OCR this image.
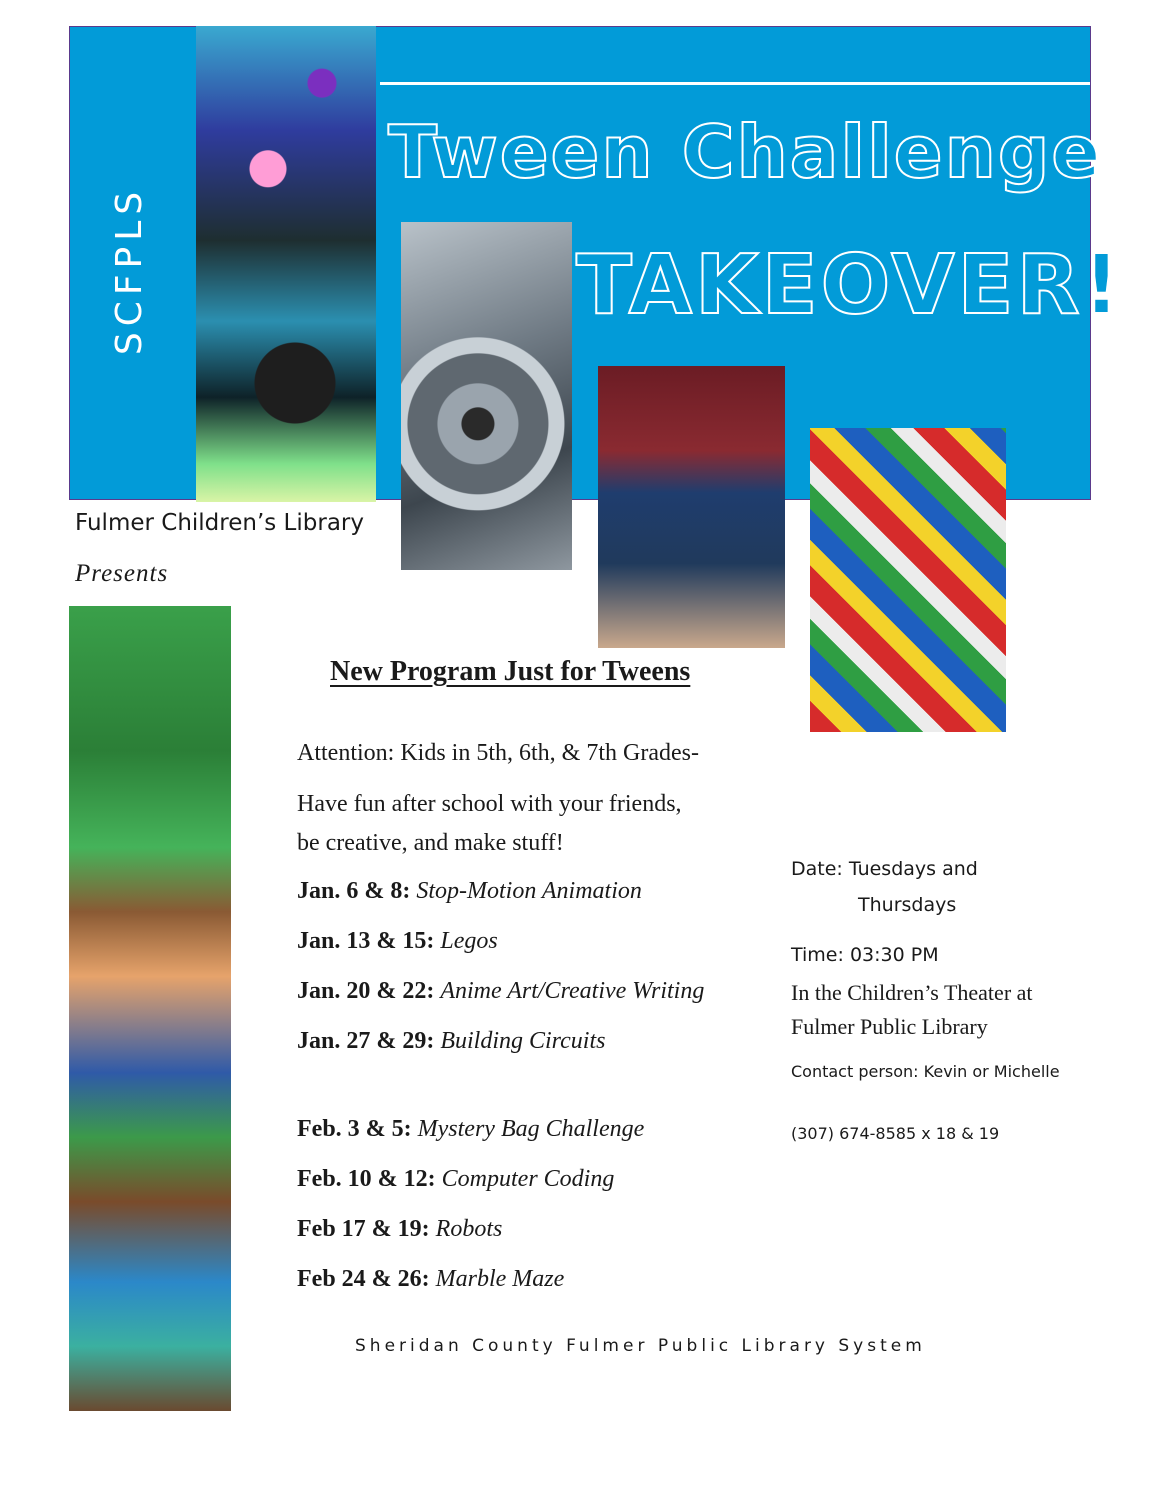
SCFPLS
Tween Challenge
TAKEOVER!
Fulmer Children’s Library
Presents
New Program Just for Tweens
Attention: Kids in 5th, 6th, & 7th Grades-
Have fun after school with your friends,
be creative, and make stuff!
Jan. 6 & 8: Stop-Motion Animation
Jan. 13 & 15: Legos
Jan. 20 & 22: Anime Art/Creative Writing
Jan. 27 & 29: Building Circuits
Feb. 3 & 5: Mystery Bag Challenge
Feb. 10 & 12: Computer Coding
Feb 17 & 19: Robots
Feb 24 & 26: Marble Maze
Date: Tuesdays and
Thursdays
Time: 03:30 PM
In the Children’s Theater at
Fulmer Public Library
Contact person: Kevin or Michelle
(307) 674-8585 x 18 & 19
Sheridan County Fulmer Public Library System
